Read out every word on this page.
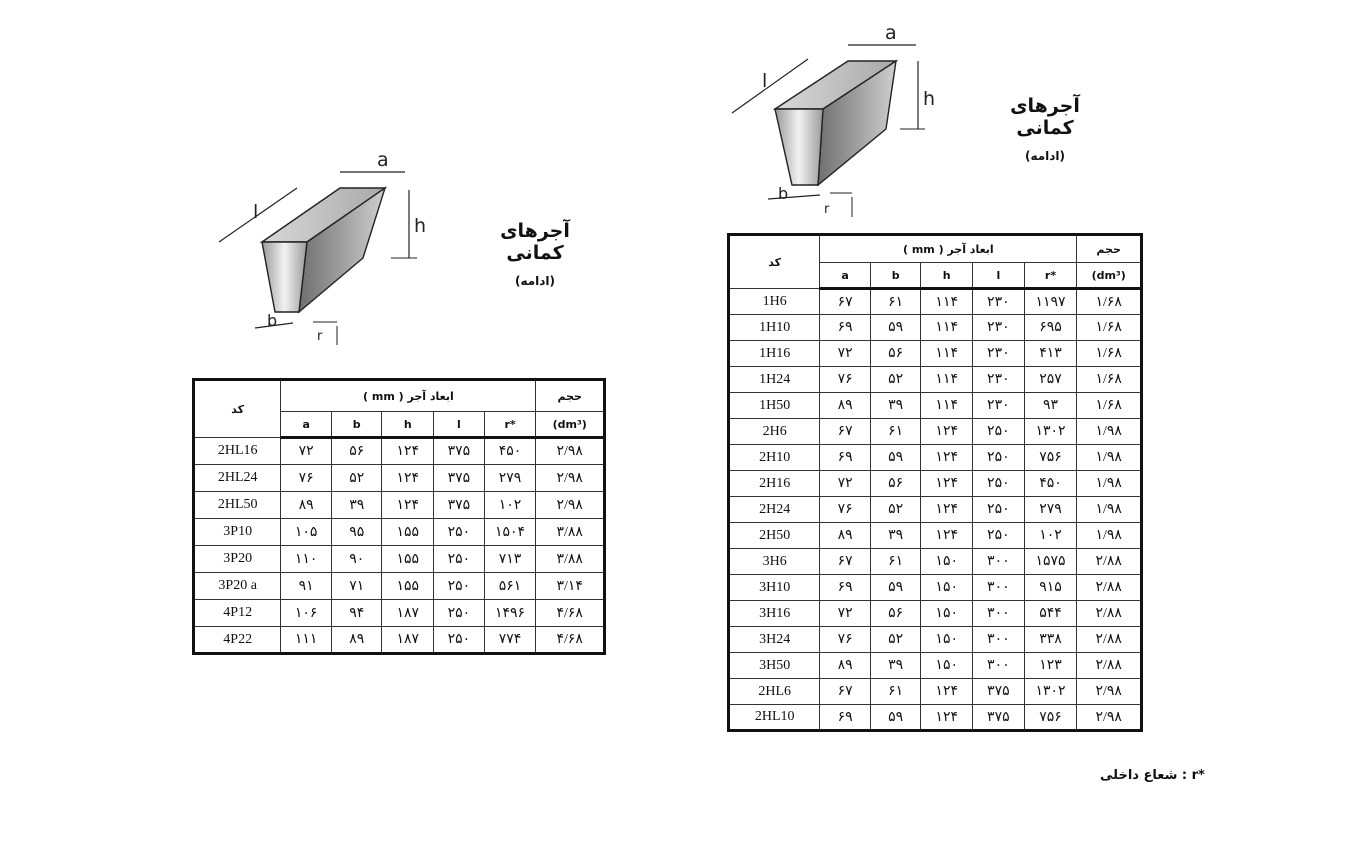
l
a
h
b
r
آجرهای کمانی
(ادامه)
کد	ابعاد آجر ( mm )					حجم
	a	b	h	l	r*	(dm³)
2HL16	۷۲	۵۶	۱۲۴	۳۷۵	۴۵۰	۲/۹۸
2HL24	۷۶	۵۲	۱۲۴	۳۷۵	۲۷۹	۲/۹۸
2HL50	۸۹	۳۹	۱۲۴	۳۷۵	۱۰۲	۲/۹۸
3P10	۱۰۵	۹۵	۱۵۵	۲۵۰	۱۵۰۴	۳/۸۸
3P20	۱۱۰	۹۰	۱۵۵	۲۵۰	۷۱۳	۳/۸۸
3P20 a	۹۱	۷۱	۱۵۵	۲۵۰	۵۶۱	۳/۱۴
4P12	۱۰۶	۹۴	۱۸۷	۲۵۰	۱۴۹۶	۴/۶۸
4P22	۱۱۱	۸۹	۱۸۷	۲۵۰	۷۷۴	۴/۶۸
l
a
h
b
r
آجرهای کمانی
(ادامه)
کد	ابعاد آجر ( mm )					حجم
	a	b	h	l	r*	(dm³)
1H6	۶۷	۶۱	۱۱۴	۲۳۰	۱۱۹۷	۱/۶۸
1H10	۶۹	۵۹	۱۱۴	۲۳۰	۶۹۵	۱/۶۸
1H16	۷۲	۵۶	۱۱۴	۲۳۰	۴۱۳	۱/۶۸
1H24	۷۶	۵۲	۱۱۴	۲۳۰	۲۵۷	۱/۶۸
1H50	۸۹	۳۹	۱۱۴	۲۳۰	۹۳	۱/۶۸
2H6	۶۷	۶۱	۱۲۴	۲۵۰	۱۳۰۲	۱/۹۸
2H10	۶۹	۵۹	۱۲۴	۲۵۰	۷۵۶	۱/۹۸
2H16	۷۲	۵۶	۱۲۴	۲۵۰	۴۵۰	۱/۹۸
2H24	۷۶	۵۲	۱۲۴	۲۵۰	۲۷۹	۱/۹۸
2H50	۸۹	۳۹	۱۲۴	۲۵۰	۱۰۲	۱/۹۸
3H6	۶۷	۶۱	۱۵۰	۳۰۰	۱۵۷۵	۲/۸۸
3H10	۶۹	۵۹	۱۵۰	۳۰۰	۹۱۵	۲/۸۸
3H16	۷۲	۵۶	۱۵۰	۳۰۰	۵۴۴	۲/۸۸
3H24	۷۶	۵۲	۱۵۰	۳۰۰	۳۳۸	۲/۸۸
3H50	۸۹	۳۹	۱۵۰	۳۰۰	۱۲۳	۲/۸۸
2HL6	۶۷	۶۱	۱۲۴	۳۷۵	۱۳۰۲	۲/۹۸
2HL10	۶۹	۵۹	۱۲۴	۳۷۵	۷۵۶	۲/۹۸
: شعاع داخلی r*
